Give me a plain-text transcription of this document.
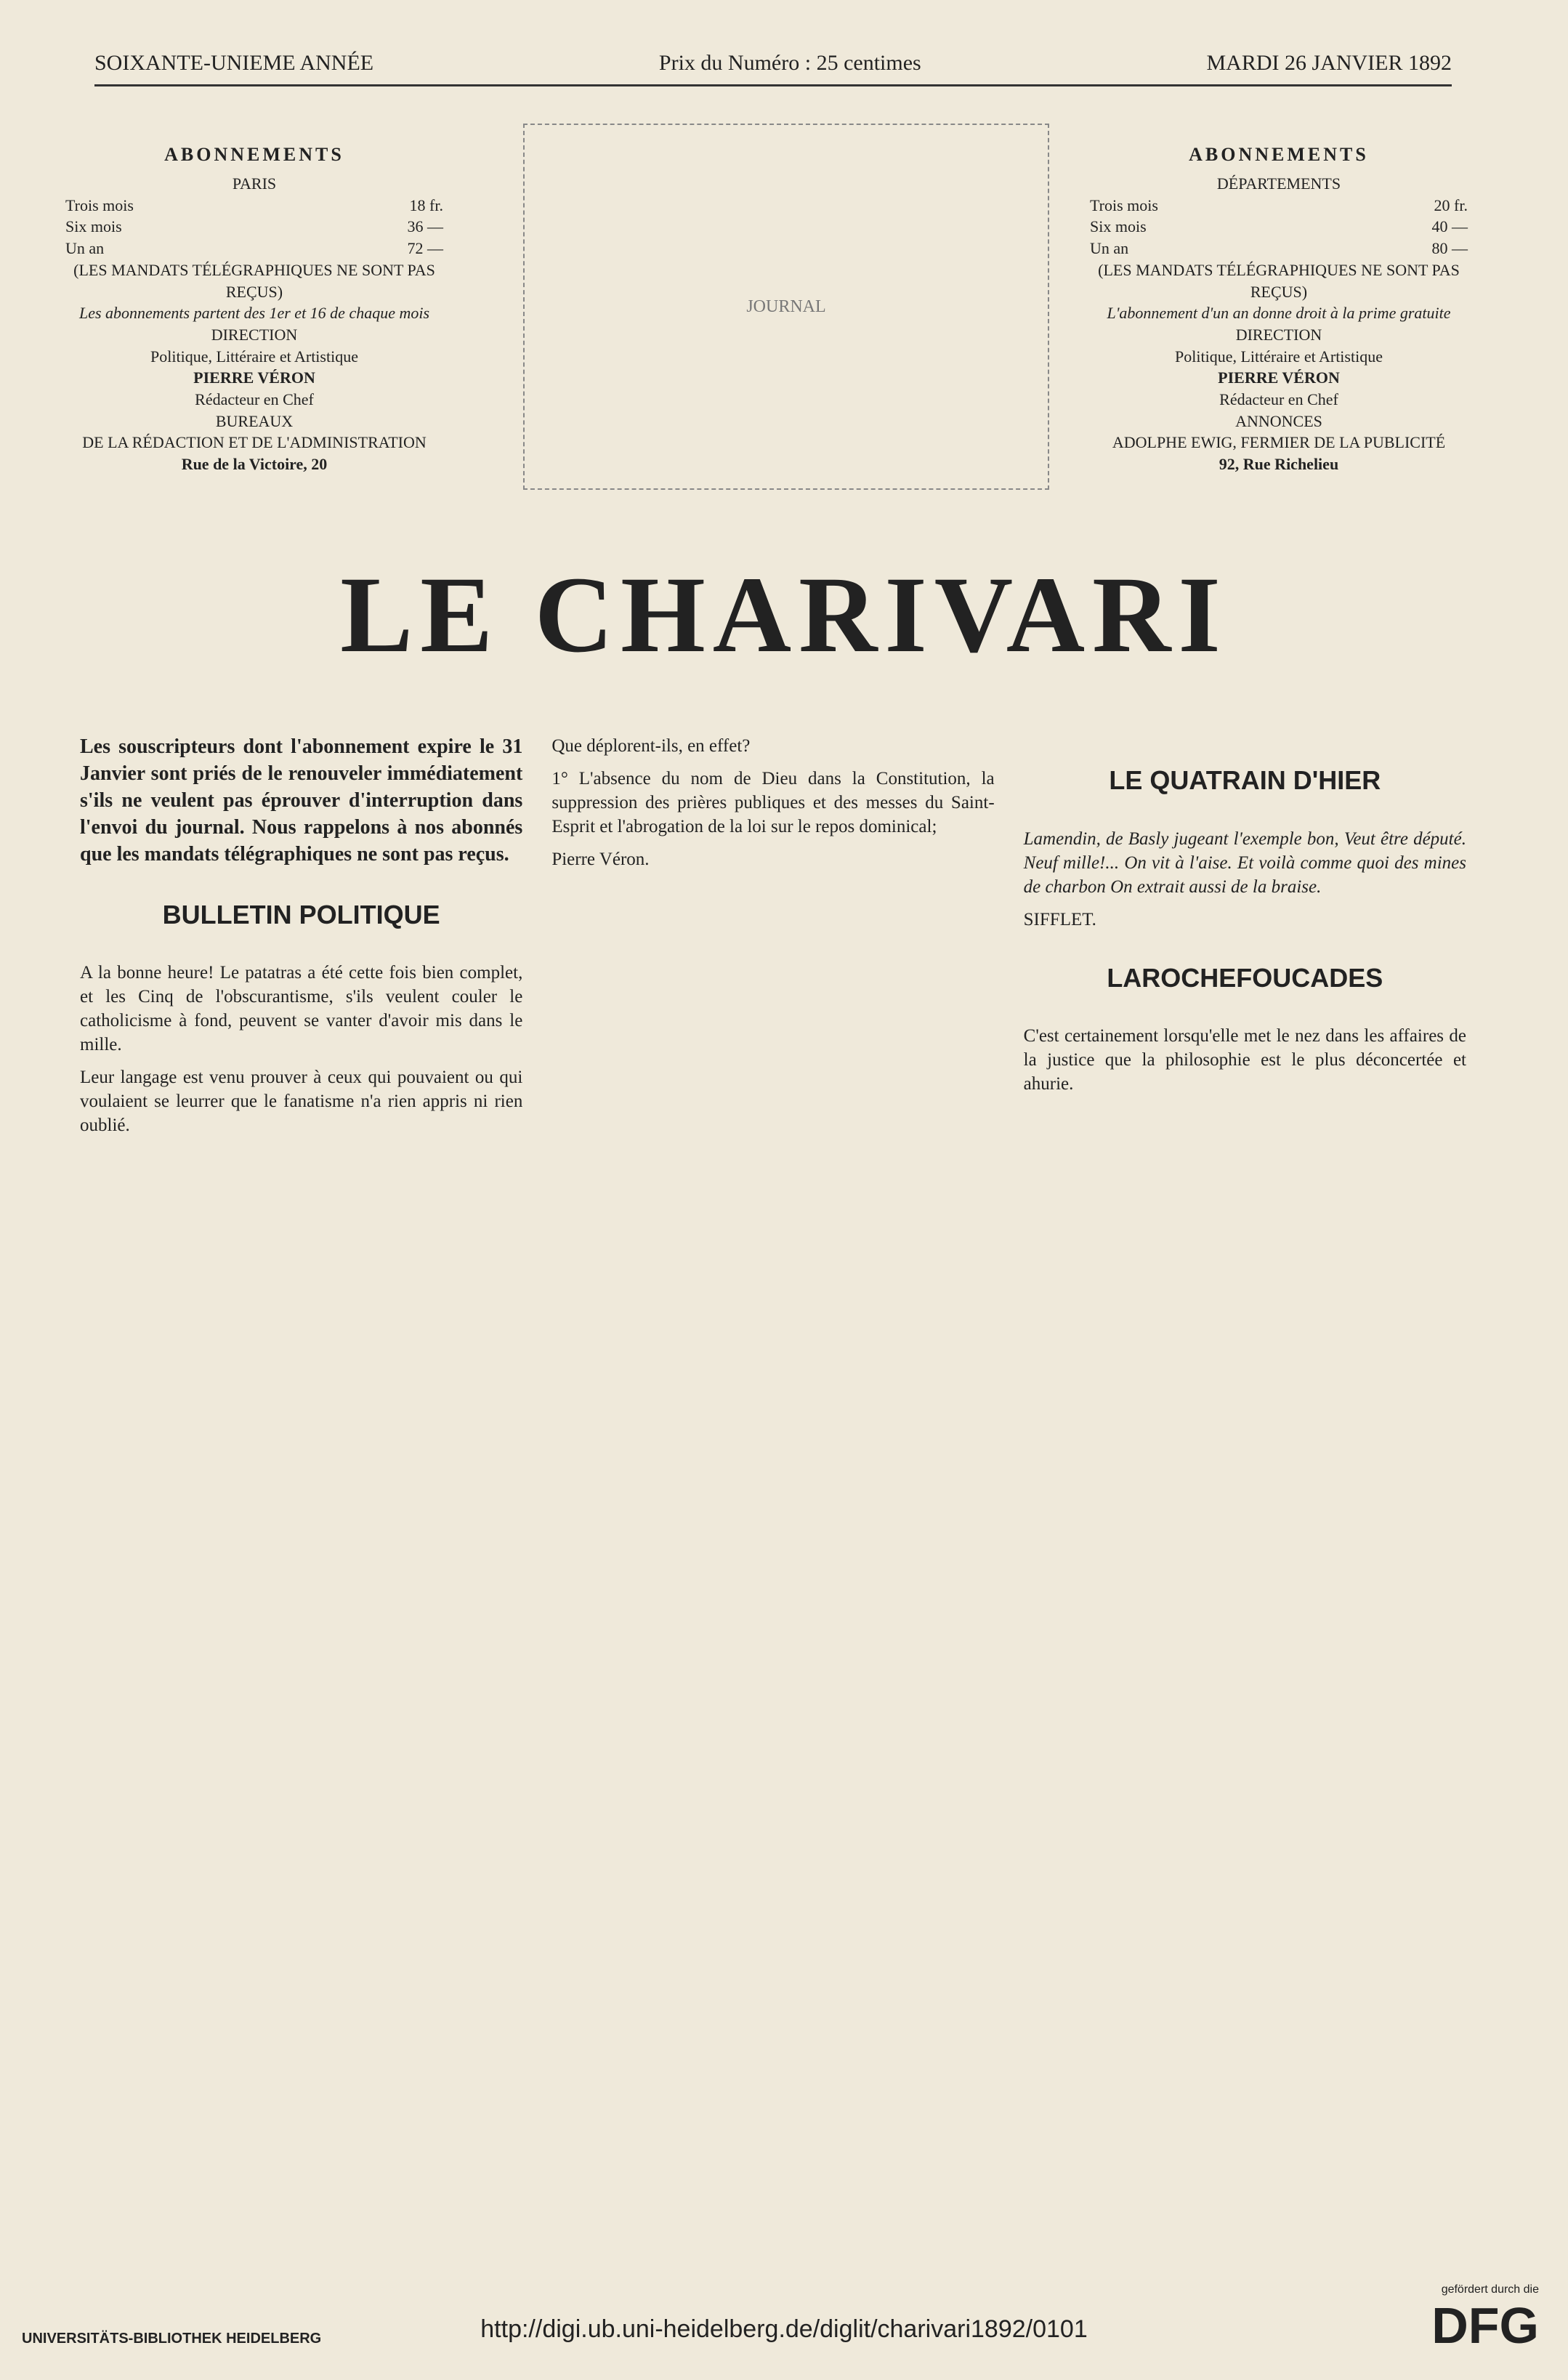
SOIXANTE-UNIEME ANNÉE	Prix du Numéro : 25 centimes	MARDI 26 JANVIER 1892
ABONNEMENTS
PARIS
Trois mois	18 fr.
Six mois	36 —
Un an	72 —
(LES MANDATS TÉLÉGRAPHIQUES NE SONT PAS REÇUS)
Les abonnements partent des 1er et 16 de chaque mois
DIRECTION
Politique, Littéraire et Artistique
PIERRE VÉRON
Rédacteur en Chef
BUREAUX
DE LA RÉDACTION ET DE L'ADMINISTRATION
Rue de la Victoire, 20
ABONNEMENTS
DÉPARTEMENTS
Trois mois	20 fr.
Six mois	40 —
Un an	80 —
(LES MANDATS TÉLÉGRAPHIQUES NE SONT PAS REÇUS)
L'abonnement d'un an donne droit à la prime gratuite
DIRECTION
Politique, Littéraire et Artistique
PIERRE VÉRON
Rédacteur en Chef
ANNONCES
ADOLPHE EWIG, FERMIER DE LA PUBLICITÉ
92, Rue Richelieu
JOURNAL
LE CHARIVARI

Les souscripteurs dont l'abonnement expire le 31 Janvier sont priés de le renouveler immédiatement s'ils ne veulent pas éprouver d'interruption dans l'envoi du journal. Nous rappelons à nos abonnés que les mandats télégraphiques ne sont pas reçus.

BULLETIN POLITIQUE

A la bonne heure! Le patatras a été cette fois bien complet, et les Cinq de l'obscurantisme, s'ils veulent couler le catholicisme à fond, peuvent se vanter d'avoir mis dans le mille.

Leur langage est venu prouver à ceux qui pouvaient ou qui voulaient se leurrer que le fanatisme n'a rien appris ni rien oublié.

Que déplorent-ils, en effet?

1° L'absence du nom de Dieu dans la Constitution, la suppression des prières publiques et des messes du Saint-Esprit et l'abrogation de la loi sur le repos dominical;

Pierre Véron.

LE QUATRAIN D'HIER

Lamendin, de Basly jugeant l'exemple bon, Veut être député. Neuf mille!... On vit à l'aise. Et voilà comme quoi des mines de charbon On extrait aussi de la braise.

SIFFLET.

LAROCHEFOUCADES

C'est certainement lorsqu'elle met le nez dans les affaires de la justice que la philosophie est le plus déconcertée et ahurie.

UNIVERSITÄTS-BIBLIOTHEK HEIDELBERG	http://digi.ub.uni-heidelberg.de/diglit/charivari1892/0101
gefördert durch die
DFG
